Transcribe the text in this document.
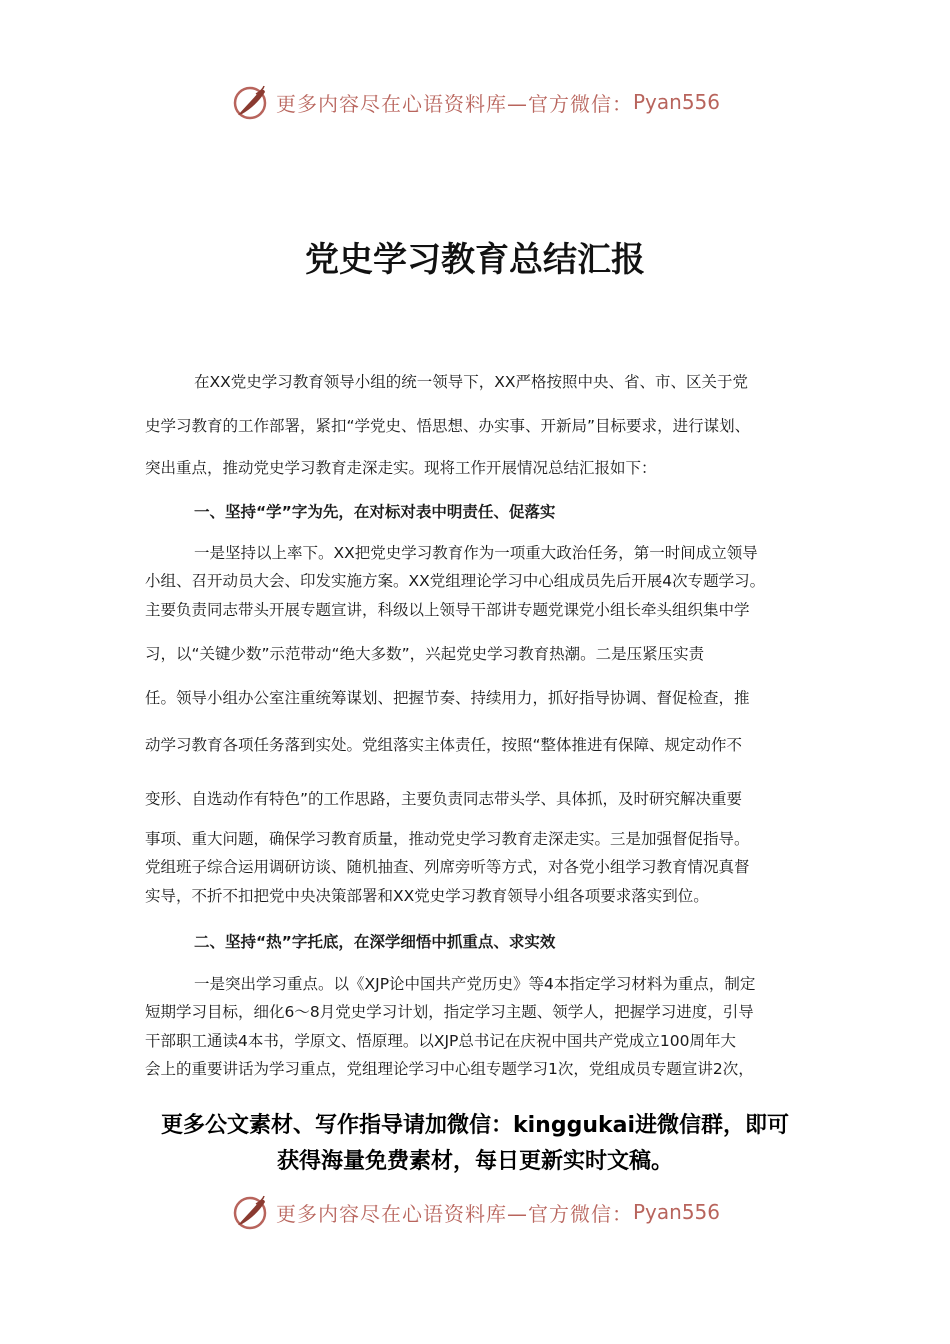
更多内容尽在心语资料库—官方微信： Pyan556
党史学习教育总结汇报
在XX党史学习教育领导小组的统一领导下，XX严格按照中央、省、市、区关于党
史学习教育的工作部署，紧扣“学党史、悟思想、办实事、开新局”目标要求，进行谋划、
突出重点，推动党史学习教育走深走实。现将工作开展情况总结汇报如下：
一、坚持“学”字为先，在对标对表中明责任、促落实
一是坚持以上率下。XX把党史学习教育作为一项重大政治任务，第一时间成立领导
小组、召开动员大会、印发实施方案。XX党组理论学习中心组成员先后开展4次专题学习。
主要负责同志带头开展专题宣讲，科级以上领导干部讲专题党课党小组长牵头组织集中学
习，以“关键少数”示范带动“绝大多数”，兴起党史学习教育热潮。二是压紧压实责
任。领导小组办公室注重统筹谋划、把握节奏、持续用力，抓好指导协调、督促检查，推
动学习教育各项任务落到实处。党组落实主体责任，按照“整体推进有保障、规定动作不
变形、自选动作有特色”的工作思路，主要负责同志带头学、具体抓，及时研究解决重要
事项、重大问题，确保学习教育质量，推动党史学习教育走深走实。三是加强督促指导。
党组班子综合运用调研访谈、随机抽查、列席旁听等方式，对各党小组学习教育情况真督
实导，不折不扣把党中央决策部署和XX党史学习教育领导小组各项要求落实到位。
二、坚持“热”字托底，在深学细悟中抓重点、求实效
一是突出学习重点。以《XJP论中国共产党历史》等4本指定学习材料为重点，制定
短期学习目标，细化6～8月党史学习计划，指定学习主题、领学人，把握学习进度，引导
干部职工通读4本书，学原文、悟原理。以XJP总书记在庆祝中国共产党成立100周年大
会上的重要讲话为学习重点，党组理论学习中心组专题学习1次，党组成员专题宣讲2次，
更多公文素材、写作指导请加微信：kinggukai进微信群，即可
获得海量免费素材，每日更新实时文稿。
更多内容尽在心语资料库—官方微信： Pyan556
